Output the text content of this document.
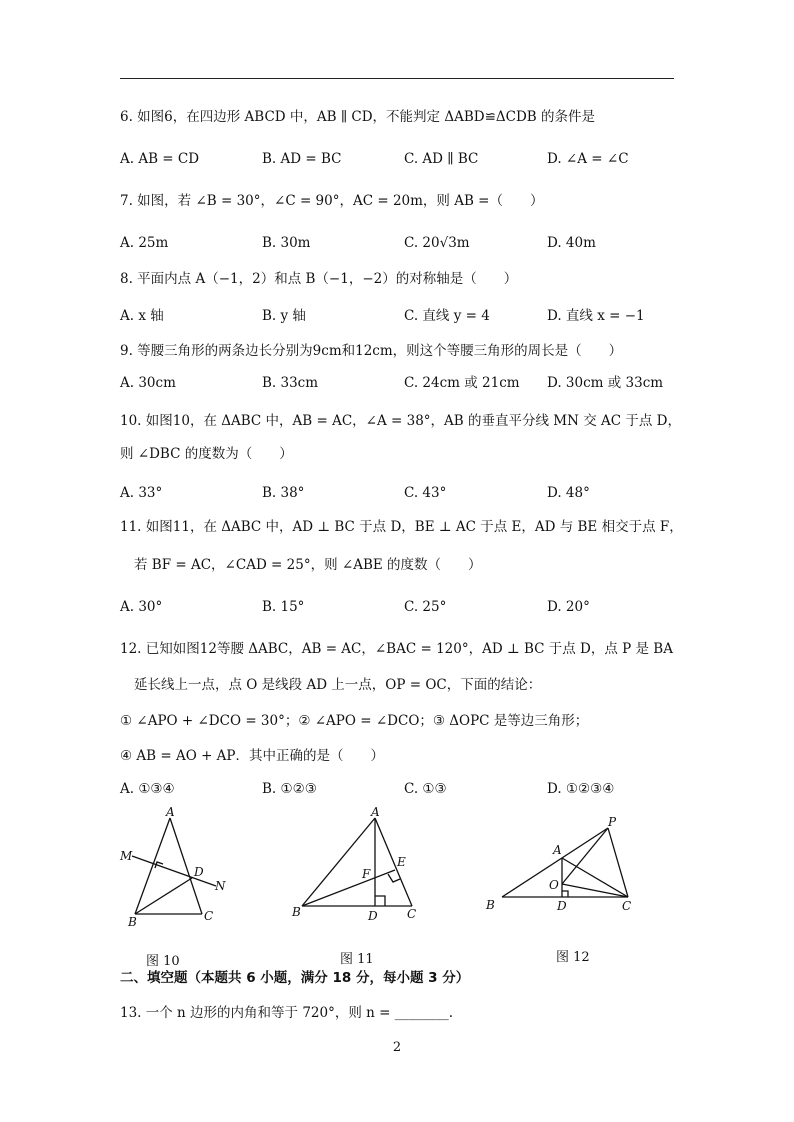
6. 如图6，在四边形 ABCD 中，AB ∥ CD，不能判定 ΔABD≌ΔCDB 的条件是
A. AB = CD	B. AD = BC	C. AD ∥ BC	D. ∠A = ∠C
7. 如图，若 ∠B = 30°，∠C = 90°，AC = 20m，则 AB =（　　）
A. 25m	B. 30m	C. 20√3m	D. 40m
8. 平面内点 A（−1，2）和点 B（−1，−2）的对称轴是（　　）
A. x 轴	B. y 轴	C. 直线 y = 4	D. 直线 x = −1
9. 等腰三角形的两条边长分别为9cm和12cm，则这个等腰三角形的周长是（　　）
A. 30cm	B. 33cm	C. 24cm 或 21cm D. 30cm 或 33cm
10. 如图10，在 ΔABC 中，AB = AC，∠A = 38°，AB 的垂直平分线 MN 交 AC 于点 D，
则 ∠DBC 的度数为（　　）
A. 33°	B. 38°	C. 43°	D. 48°
11. 如图11，在 ΔABC 中，AD ⊥ BC 于点 D，BE ⊥ AC 于点 E，AD 与 BE 相交于点 F，
若 BF = AC，∠CAD = 25°，则 ∠ABE 的度数（　　）
A. 30°	B. 15°	C. 25°	D. 20°
12. 已知如图12等腰 ΔABC，AB = AC，∠BAC = 120°，AD ⊥ BC 于点 D，点 P 是 BA
延长线上一点，点 O 是线段 AD 上一点，OP = OC，下面的结论：
① ∠APO + ∠DCO = 30°；② ∠APO = ∠DCO；③ ΔOPC 是等边三角形；
④ AB = AO + AP．其中正确的是（　　）
A. ①③④	B. ①②③	C. ①③	D. ①②③④
A
M
D
N
B	C
图 10
A
E
F
B	D C
图 11
P
A
O
B	D	C
图 12
二、填空题（本题共 6 小题，满分 18 分，每小题 3 分）
13. 一个 n 边形的内角和等于 720°，则 n = ________.
2
